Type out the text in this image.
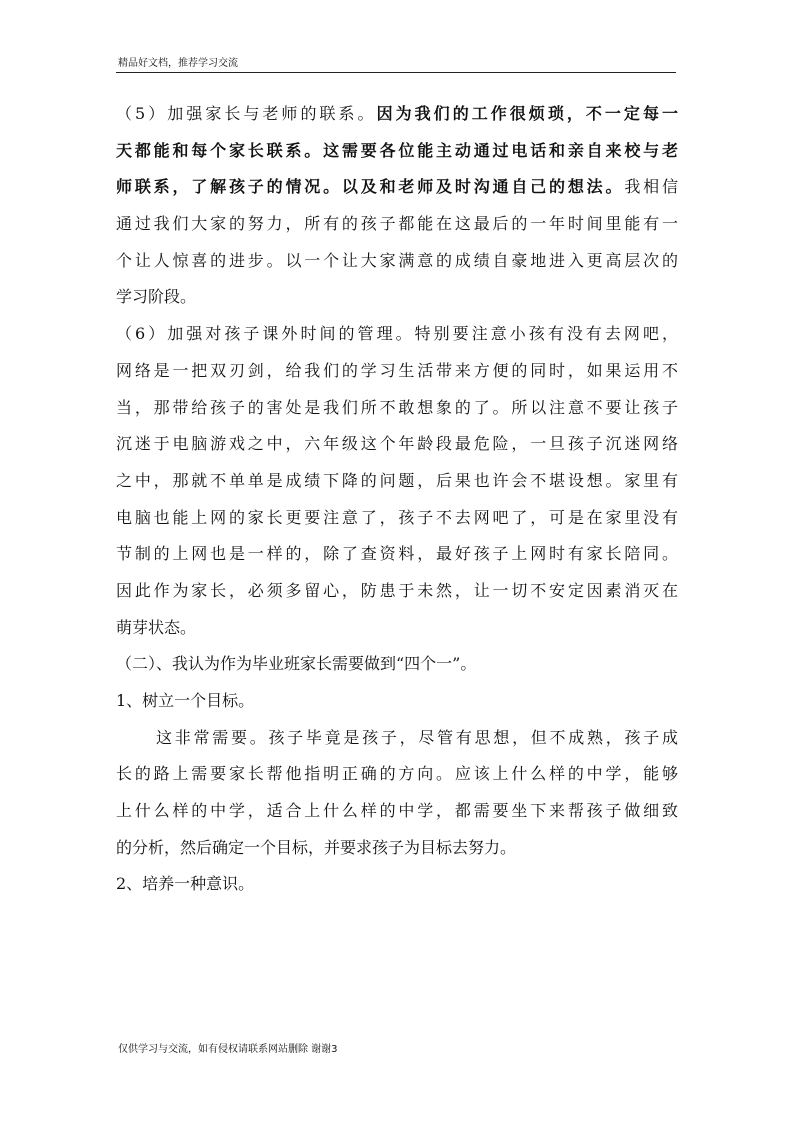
精品好文档，推荐学习交流
（5）加强家长与老师的联系。因为我们的工作很烦琐，不一定每一
天都能和每个家长联系。这需要各位能主动通过电话和亲自来校与老
师联系，了解孩子的情况。以及和老师及时沟通自己的想法。我相信
通过我们大家的努力，所有的孩子都能在这最后的一年时间里能有一
个让人惊喜的进步。以一个让大家满意的成绩自豪地进入更高层次的
学习阶段。
（6）加强对孩子课外时间的管理。特别要注意小孩有没有去网吧，
网络是一把双刃剑，给我们的学习生活带来方便的同时，如果运用不
当，那带给孩子的害处是我们所不敢想象的了。所以注意不要让孩子
沉迷于电脑游戏之中，六年级这个年龄段最危险，一旦孩子沉迷网络
之中，那就不单单是成绩下降的问题，后果也许会不堪设想。家里有
电脑也能上网的家长更要注意了，孩子不去网吧了，可是在家里没有
节制的上网也是一样的，除了查资料，最好孩子上网时有家长陪同。
因此作为家长，必须多留心，防患于未然，让一切不安定因素消灭在
萌芽状态。
（二）、我认为作为毕业班家长需要做到“四个一”。
1、树立一个目标。
这非常需要。孩子毕竟是孩子，尽管有思想，但不成熟，孩子成
长的路上需要家长帮他指明正确的方向。应该上什么样的中学，能够
上什么样的中学，适合上什么样的中学，都需要坐下来帮孩子做细致
的分析，然后确定一个目标，并要求孩子为目标去努力。
2、培养一种意识。
仅供学习与交流，如有侵权请联系网站删除 谢谢3
